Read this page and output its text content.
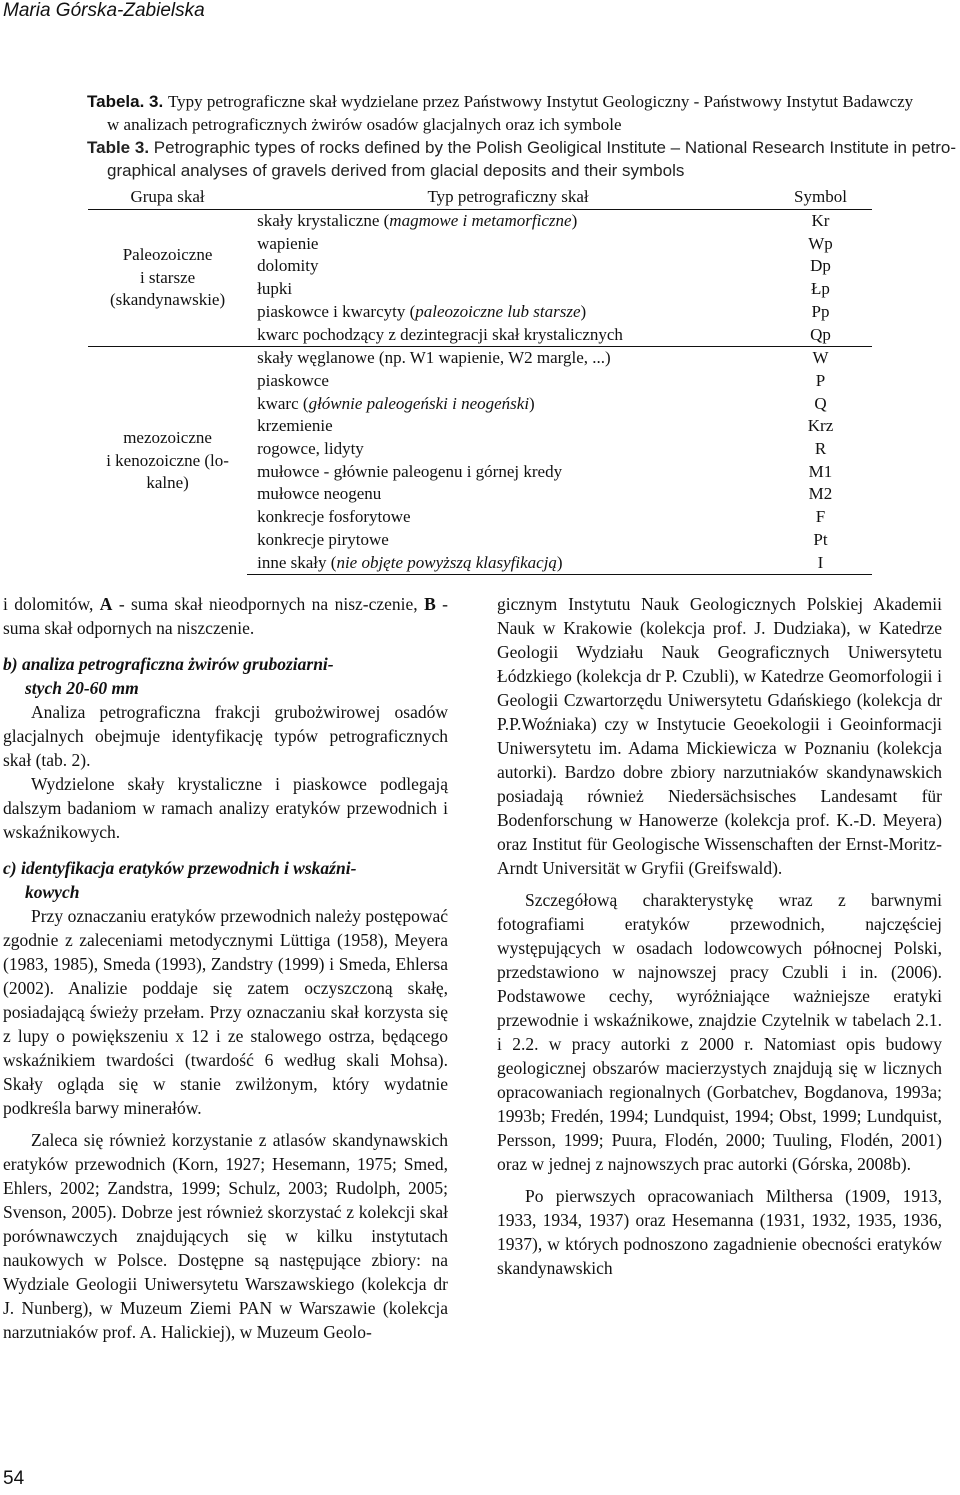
Maria Górska-Zabielska
Tabela. 3. Typy petrograficzne skał wydzielane przez Państwowy Instytut Geologiczny - Państwowy Instytut Badawczy
w analizach petrograficznych żwirów osadów glacjalnych oraz ich symbole
Table 3. Petrographic types of rocks defined by the Polish Geoligical Institute – National Research Institute in petro-
graphical analyses of gravels derived from glacial deposits and their symbols
Grupa skał	Typ petrograficzny skał	Symbol

Paleozoiczne
i starsze
(skandynawskie)	skały krystaliczne (magmowe i metamorficzne)	Kr
	wapienie	Wp
	dolomity	Dp
	łupki	Łp
	piaskowce i kwarcyty (paleozoiczne lub starsze)	Pp
	kwarc pochodzący z dezintegracji skał krystalicznych	Qp

mezozoiczne
i kenozoiczne (lo-
kalne)	skały węglanowe (np. W1 wapienie, W2 margle, ...)	W
	piaskowce	P
	kwarc (głównie paleogeński i neogeński)	Q
	krzemienie	Krz
	rogowce, lidyty	R
	mułowce - głównie paleogenu i górnej kredy	M1
	mułowce neogenu	M2
	konkrecje fosforytowe	F
	konkrecje pirytowe	Pt
	inne skały (nie objęte powyższą klasyfikacją)	I

i dolomitów, A - suma skał nieodpornych na nisz-czenie, B - suma skał odpornych na niszczenie.

b) analiza petrograficzna żwirów gruboziarni-
stych 20-60 mm

Analiza petrograficzna frakcji grubożwirowej osadów glacjalnych obejmuje identyfikację typów petrograficznych skał (tab. 2).

Wydzielone skały krystaliczne i piaskowce podlegają dalszym badaniom w ramach analizy eratyków przewodnich i wskaźnikowych.

c) identyfikacja eratyków przewodnich i wskaźni-
kowych

Przy oznaczaniu eratyków przewodnich należy postępować zgodnie z zaleceniami metodycznymi Lüttiga (1958), Meyera (1983, 1985), Smeda (1993), Zandstry (1999) i Smeda, Ehlersa (2002). Analizie poddaje się zatem oczyszczoną skałę, posiadającą świeży przełam. Przy oznaczaniu skał korzysta się z lupy o powiększeniu x 12 i ze stalowego ostrza, będącego wskaźnikiem twardości (twardość 6 według skali Mohsa). Skały ogląda się w stanie zwilżonym, który wydatnie podkreśla barwy minerałów.

Zaleca się również korzystanie z atlasów skandynawskich eratyków przewodnich (Korn, 1927; Hesemann, 1975; Smed, Ehlers, 2002; Zandstra, 1999; Schulz, 2003; Rudolph, 2005; Svenson, 2005). Dobrze jest również skorzystać z kolekcji skał porównawczych znajdujących się w kilku instytutach naukowych w Polsce. Dostępne są następujące zbiory: na Wydziale Geologii Uniwersytetu Warszawskiego (kolekcja dr J. Nunberg), w Muzeum Ziemi PAN w Warszawie (kolekcja narzutniaków prof. A. Halickiej), w Muzeum Geolo-

gicznym Instytutu Nauk Geologicznych Polskiej Akademii Nauk w Krakowie (kolekcja prof. J. Dudziaka), w Katedrze Geologii Wydziału Nauk Geograficznych Uniwersytetu Łódzkiego (kolekcja dr P. Czubli), w Katedrze Geomorfologii i Geologii Czwartorzędu Uniwersytetu Gdańskiego (kolekcja dr P.P.Woźniaka) czy w Instytucie Geoekologii i Geoinformacji Uniwersytetu im. Adama Mickiewicza w Poznaniu (kolekcja autorki). Bardzo dobre zbiory narzutniaków skandynawskich posiadają również Niedersächsisches Landesamt für Bodenforschung w Hanowerze (kolekcja prof. K.-D. Meyera) oraz Institut für Geologische Wissenschaften der Ernst-Moritz-Arndt Universität w Gryfii (Greifswald).

Szczegółową charakterystykę wraz z barwnymi fotografiami eratyków przewodnich, najczęściej występujących w osadach lodowcowych północnej Polski, przedstawiono w najnowszej pracy Czubli i in. (2006). Podstawowe cechy, wyróżniające ważniejsze eratyki przewodnie i wskaźnikowe, znajdzie Czytelnik w tabelach 2.1. i 2.2. w pracy autorki z 2000 r. Natomiast opis budowy geologicznej obszarów macierzystych znajdują się w licznych opracowaniach regionalnych (Gorbatchev, Bogdanova, 1993a; 1993b; Fredén, 1994; Lundquist, 1994; Obst, 1999; Lundquist, Persson, 1999; Puura, Flodén, 2000; Tuuling, Flodén, 2001) oraz w jednej z najnowszych prac autorki (Górska, 2008b).

Po pierwszych opracowaniach Milthersa (1909, 1913, 1933, 1934, 1937) oraz Hesemanna (1931, 1932, 1935, 1936, 1937), w których podnoszono zagadnienie obecności eratyków skandynawskich

54
